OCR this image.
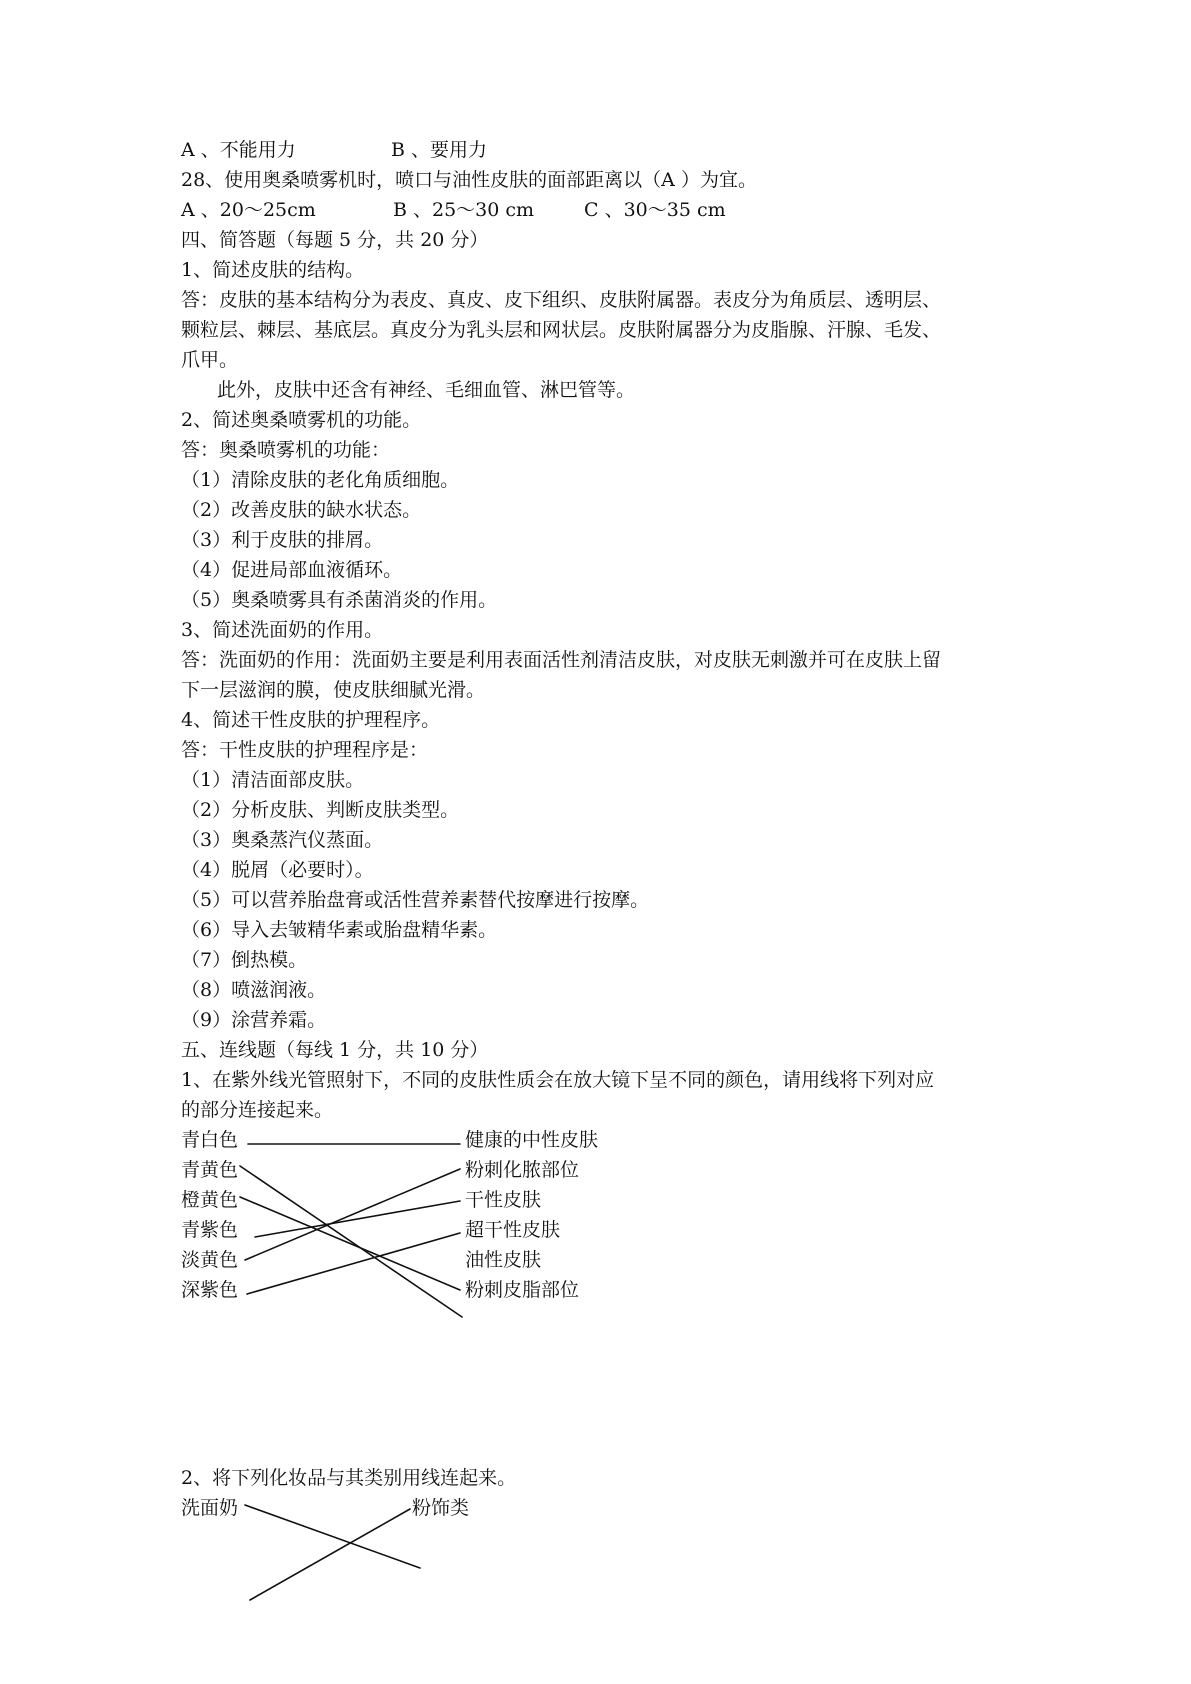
A 、不能用力	B 、要用力
28、使用奥桑喷雾机时，喷口与油性皮肤的面部距离以（A ）为宜。
A 、20～25cm	B 、25～30 cm	C 、30～35 cm
四、简答题（每题 5 分，共 20 分）
1、简述皮肤的结构。
答：皮肤的基本结构分为表皮、真皮、皮下组织、皮肤附属器。表皮分为角质层、透明层、
颗粒层、棘层、基底层。真皮分为乳头层和网状层。皮肤附属器分为皮脂腺、汗腺、毛发、
爪甲。
此外，皮肤中还含有神经、毛细血管、淋巴管等。
2、简述奥桑喷雾机的功能。
答：奥桑喷雾机的功能：
（1）清除皮肤的老化角质细胞。
（2）改善皮肤的缺水状态。
（3）利于皮肤的排屑。
（4）促进局部血液循环。
（5）奥桑喷雾具有杀菌消炎的作用。
3、简述洗面奶的作用。
答：洗面奶的作用：洗面奶主要是利用表面活性剂清洁皮肤，对皮肤无刺激并可在皮肤上留
下一层滋润的膜，使皮肤细腻光滑。
4、简述干性皮肤的护理程序。
答：干性皮肤的护理程序是：
（1）清洁面部皮肤。
（2）分析皮肤、判断皮肤类型。
（3）奥桑蒸汽仪蒸面。
（4）脱屑（必要时）。
（5）可以营养胎盘膏或活性营养素替代按摩进行按摩。
（6）导入去皱精华素或胎盘精华素。
（7）倒热模。
（8）喷滋润液。
（9）涂营养霜。
五、连线题（每线 1 分，共 10 分）
1、在紫外线光管照射下，不同的皮肤性质会在放大镜下呈不同的颜色，请用线将下列对应
的部分连接起来。
青白色
青黄色
橙黄色
青紫色
淡黄色
深紫色
健康的中性皮肤
粉刺化脓部位
干性皮肤
超干性皮肤
油性皮肤
粉刺皮脂部位
2、将下列化妆品与其类别用线连起来。
洗面奶	粉饰类
